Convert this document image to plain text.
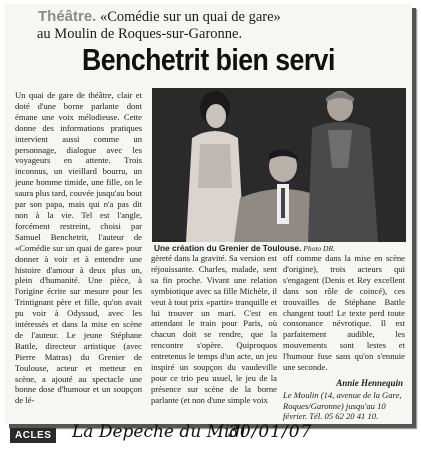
Théâtre. «Comédie sur un quai de gare»
au Moulin de Roques-sur-Garonne.
Benchetrit bien servi

Un quai de gare de théâtre, clair et doté d'une borne parlante dont émane une voix mélodieuse. Cette donne des informations pratiques intervient aussi comme un personnage, dialogue avec les voyageurs en attente. Trois inconnus, un vieillard bourru, un jeune homme timide, une fille, on le saura plus tard, couvée jusqu'au bout par son papa, mais qui n'a pas dit non à la vie. Tel est l'angle, forcément restreint, choisi par Samuel Benchetrit, l'auteur de «Comédie sur un quai de gare» pour donner à voir et à entendre une histoire d'amour à deux plus un, plein d'humanité. Une pièce, à l'origine écrite sur mesure pour les Trintignant père et fille, qu'on avait pu voir à Odyssud, avec les intéressés et dans la mise en scène de l'auteur. Le jeune Stéphane Battle, directeur artistique (avec Pierre Matras) du Grenier de Toulouse, acteur et metteur en scène, a ajouté au spectacle une bonne dose d'humour et un soupçon de lé-

Une création du Grenier de Toulouse. Photo DR.

gèreté dans la gravité. Sa version est réjouissante. Charles, malade, sent sa fin proche. Vivant une relation symbiotique avec sa fille Michèle, il veut à tout prix «partir» tranquille et lui trouver un mari. C'est en attendant le train pour Paris, où chacun doit se rendre, que la rencontre s'opère. Quiproquos entretenus le temps d'un acte, un jeu inspiré un soupçon du vaudeville pour ce trio peu usuel, le jeu de la présence sur scène de la borne parlante (et non d'une simple voix

off comme dans la mise en scène d'origine), trois acteurs qui s'engagent (Denis et Rey excellent dans son rôle de coincé), ces trouvailles de Stéphane Battle changent tout! Le texte perd toute consonance névrotique. Il est parfaitement audible, les mouvements sont lestes et l'humour fuse sans qu'on s'ennuie une seconde.

Annie Hennequin
Le Moulin (14, avenue de la Gare, Roques/Garonne) jusqu'au 10 février. Tél. 05 62 20 41 10.
ACLES La Depeche du Midi
30/01/07
